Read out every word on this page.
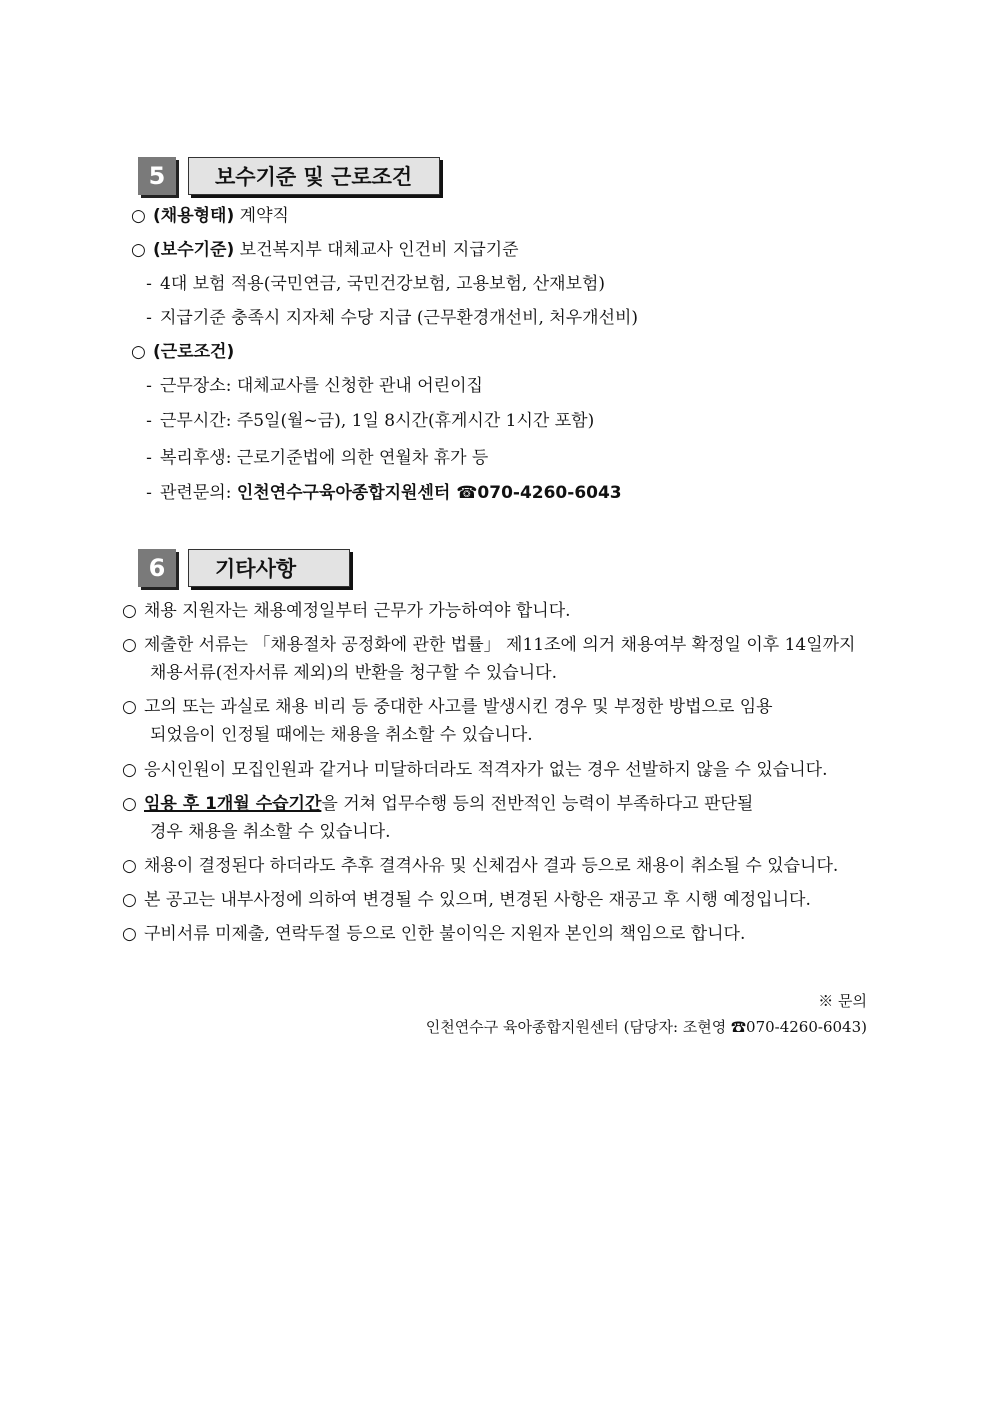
5	보수기준 및 근로조건
○ (채용형태) 계약직
○ (보수기준) 보건복지부 대체교사 인건비 지급기준
- 4대 보험 적용(국민연금, 국민건강보험, 고용보험, 산재보험)
- 지급기준 충족시 지자체 수당 지급 (근무환경개선비, 처우개선비)
○ (근로조건)
- 근무장소: 대체교사를 신청한 관내 어린이집
- 근무시간: 주5일(월~금), 1일 8시간(휴게시간 1시간 포함)
- 복리후생: 근로기준법에 의한 연월차 휴가 등
- 관련문의: 인천연수구육아종합지원센터 ☎070-4260-6043
6	기타사항
○ 채용 지원자는 채용예정일부터 근무가 가능하여야 합니다.
○ 제출한 서류는 「채용절차 공정화에 관한 법률」 제11조에 의거 채용여부 확정일 이후 14일까지
채용서류(전자서류 제외)의 반환을 청구할 수 있습니다.
○ 고의 또는 과실로 채용 비리 등 중대한 사고를 발생시킨 경우 및 부정한 방법으로 임용
되었음이 인정될 때에는 채용을 취소할 수 있습니다.
○ 응시인원이 모집인원과 같거나 미달하더라도 적격자가 없는 경우 선발하지 않을 수 있습니다.
○ 임용 후 1개월 수습기간을 거쳐 업무수행 등의 전반적인 능력이 부족하다고 판단될
경우 채용을 취소할 수 있습니다.
○ 채용이 결정된다 하더라도 추후 결격사유 및 신체검사 결과 등으로 채용이 취소될 수 있습니다.
○ 본 공고는 내부사정에 의하여 변경될 수 있으며, 변경된 사항은 재공고 후 시행 예정입니다.
○ 구비서류 미제출, 연락두절 등으로 인한 불이익은 지원자 본인의 책임으로 합니다.
※ 문의
인천연수구 육아종합지원센터 (담당자: 조현영 ☎070-4260-6043)
